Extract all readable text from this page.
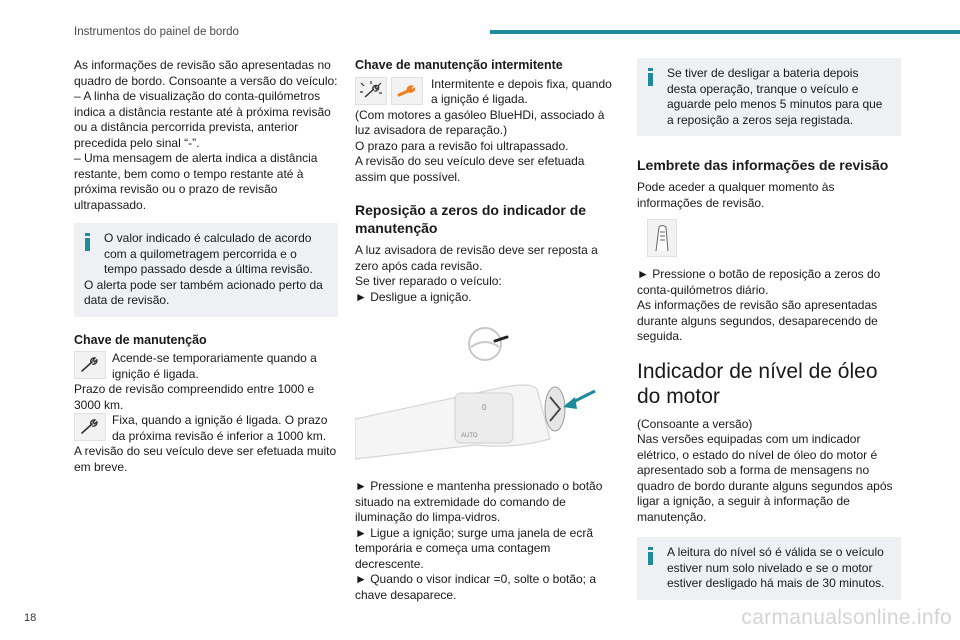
Instrumentos do painel de bordo

As informações de revisão são apresentadas no quadro de bordo. Consoante a versão do veículo:

– A linha de visualização do conta-quilómetros indica a distância restante até à próxima revisão ou a distância percorrida prevista, anterior precedida pelo sinal “-”.

– Uma mensagem de alerta indica a distância restante, bem como o tempo restante até à próxima revisão ou o prazo de revisão ultrapassado.

O valor indicado é calculado de acordo com a quilometragem percorrida e o tempo passado desde a última revisão.

O alerta pode ser também acionado perto da data de revisão.

Chave de manutenção
Acende-se temporariamente quando a ignição é ligada.

Prazo de revisão compreendido entre 1000 e 3000 km.

Fixa, quando a ignição é ligada. O prazo da próxima revisão é inferior a 1000 km.

A revisão do seu veículo deve ser efetuada muito em breve.

Chave de manutenção intermitente
Intermitente e depois fixa, quando a ignição é ligada.

(Com motores a gasóleo BlueHDi, associado à luz avisadora de reparação.)

O prazo para a revisão foi ultrapassado.

A revisão do seu veículo deve ser efetuada assim que possível.

Reposição a zeros do indicador de manutenção

A luz avisadora de revisão deve ser reposta a zero após cada revisão.

Se tiver reparado o veículo:

► Desligue a ignição.

0
AUTO

► Pressione e mantenha pressionado o botão situado na extremidade do comando de iluminação do limpa-vidros.

► Ligue a ignição; surge uma janela de ecrã temporária e começa uma contagem decrescente.

► Quando o visor indicar =0, solte o botão; a chave desaparece.

Se tiver de desligar a bateria depois desta operação, tranque o veículo e aguarde pelo menos 5 minutos para que a reposição a zeros seja registada.

Lembrete das informações de revisão

Pode aceder a qualquer momento às informações de revisão.

► Pressione o botão de reposição a zeros do conta-quilómetros diário.

As informações de revisão são apresentadas durante alguns segundos, desaparecendo de seguida.

Indicador de nível de óleo do motor

(Consoante a versão)

Nas versões equipadas com um indicador elétrico, o estado do nível de óleo do motor é apresentado sob a forma de mensagens no quadro de bordo durante alguns segundos após ligar a ignição, a seguir à informação de manutenção.

A leitura do nível só é válida se o veículo estiver num solo nivelado e se o motor estiver desligado há mais de 30 minutos.

18	carmanualsonline.info
